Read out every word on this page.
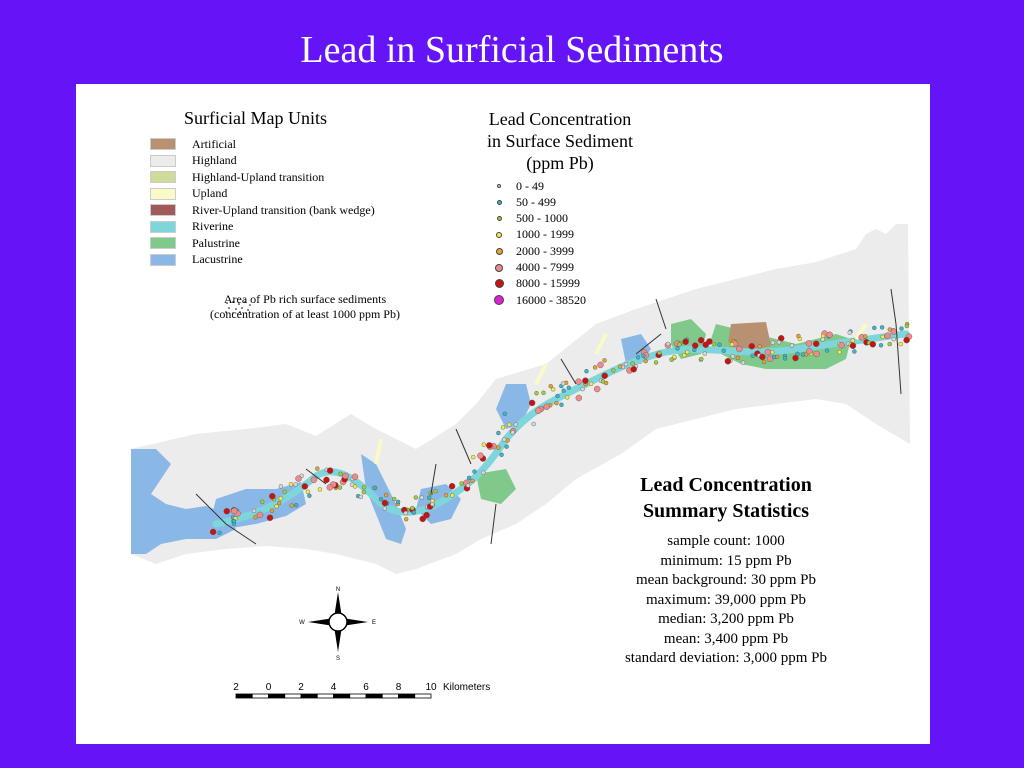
Lead in Surficial Sediments
Surficial Map Units
Artificial
Highland
Highland-Upland transition
Upland
River-Upland transition (bank wedge)
Riverine
Palustrine
Lacustrine
Area of Pb rich surface sediments
(concentration of at least 1000 ppm Pb)
Lead Concentration
in Surface Sediment
(ppm Pb)
0 - 49
50 - 499
500 - 1000
1000 - 1999
2000 - 3999
4000 - 7999
8000 - 15999
16000 - 38520
Lead Concentration
Summary Statistics
sample count: 1000
minimum: 15 ppm Pb
mean background: 30 ppm Pb
maximum: 39,000 ppm Pb
median: 3,200 ppm Pb
mean: 3,400 ppm Pb
standard deviation: 3,000 ppm Pb
N
S
W	E
2	0	2	4	6	8 10 Kilometers
